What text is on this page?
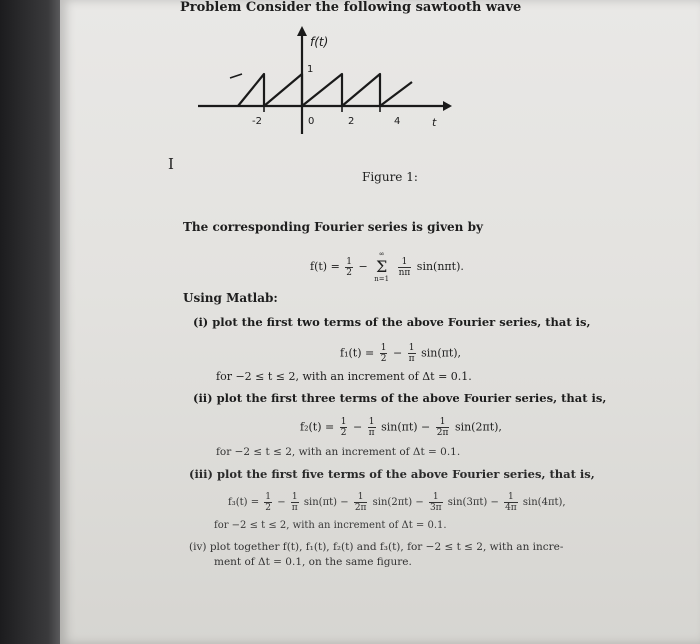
Problem Consider the following sawtooth wave
f(t)
1
-2	0	2	4	t
I
Figure 1:
The corresponding Fourier series is given by
$f(t) = \frac{1}{2}$ −
∞
Σ
n=1

$\frac{1}{n\pi} \sin(n\pi t)$.
Using Matlab:
(i) plot the first two terms of the above Fourier series, that is,
$f_1(t) = \frac{1}{2} - \frac{1}{\pi} \sin(\pi t)$,
for −2 ≤ t ≤ 2, with an increment of Δt = 0.1.
(ii) plot the first three terms of the above Fourier series, that is,
$f_2(t) = \frac{1}{2} - \frac{1}{\pi} \sin(\pi t) - \frac{1}{2\pi} \sin(2\pi t)$,
for −2 ≤ t ≤ 2, with an increment of Δt = 0.1.
(iii) plot the first five terms of the above Fourier series, that is,
$f_3(t) = \frac{1}{2} - \frac{1}{\pi} \sin(\pi t) - \frac{1}{2\pi} \sin(2\pi t) - \frac{1}{3\pi} \sin(3\pi t) - \frac{1}{4\pi} \sin(4\pi t)$,
for −2 ≤ t ≤ 2, with an increment of Δt = 0.1.
(iv) plot together f(t), f₁(t), f₂(t) and f₃(t), for −2 ≤ t ≤ 2, with an incre-
ment of Δt = 0.1, on the same figure.
